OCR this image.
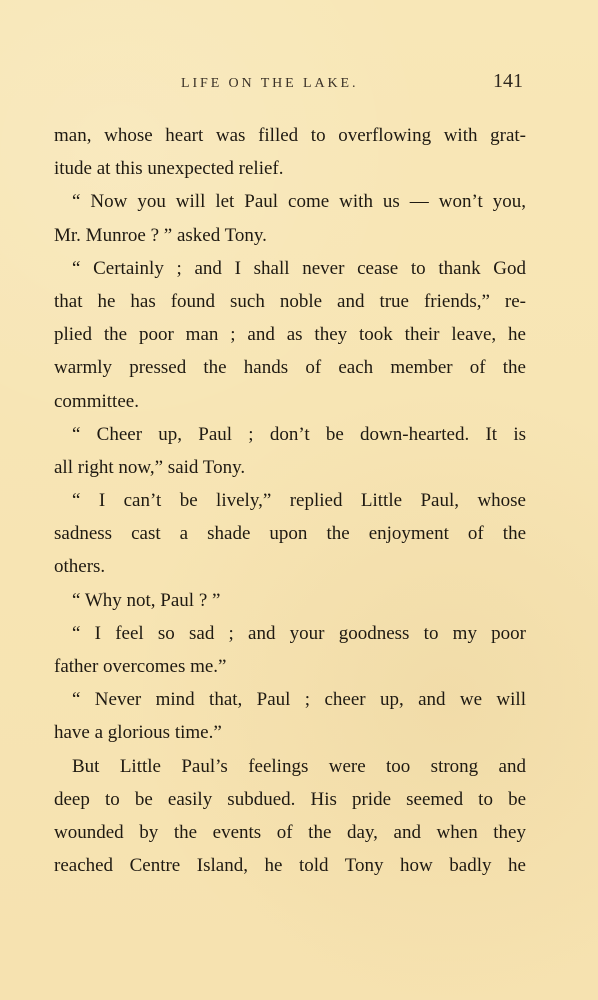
LIFE ON THE LAKE.	141
man, whose heart was filled to overflowing with grat-
itude at this unexpected relief.
“ Now you will let Paul come with us — won’t you,
Mr. Munroe ? ” asked Tony.
“ Certainly ; and I shall never cease to thank God
that he has found such noble and true friends,” re-
plied the poor man ; and as they took their leave, he
warmly pressed the hands of each member of the
committee.
“ Cheer up, Paul ; don’t be down-hearted. It is
all right now,” said Tony.
“ I can’t be lively,” replied Little Paul, whose
sadness cast a shade upon the enjoyment of the
others.
“ Why not, Paul ? ”
“ I feel so sad ; and your goodness to my poor
father overcomes me.”
“ Never mind that, Paul ; cheer up, and we will
have a glorious time.”
But Little Paul’s feelings were too strong and
deep to be easily subdued. His pride seemed to be
wounded by the events of the day, and when they
reached Centre Island, he told Tony how badly he
